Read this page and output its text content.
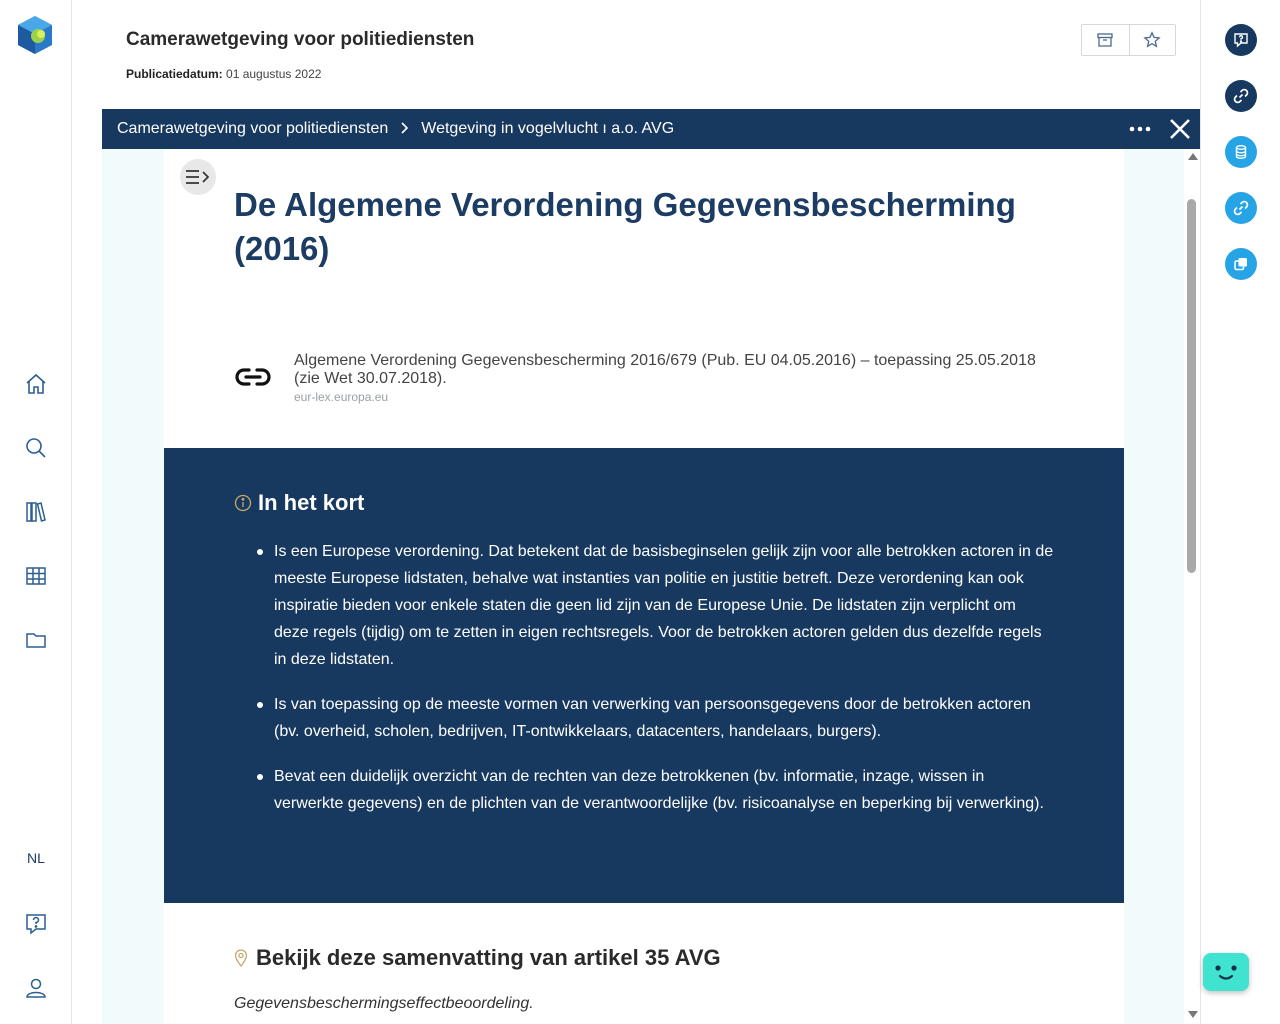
NL
Camerawetgeving voor politiediensten
Publicatiedatum: 01 augustus 2022
Camerawetgeving voor politiediensten Wetgeving in vogelvlucht ı a.o. AVG
De Algemene Verordening Gegevensbescherming (2016)
Algemene Verordening Gegevensbescherming 2016/679 (Pub. EU 04.05.2016) – toepassing 25.05.2018 (zie Wet 30.07.2018).
eur-lex.europa.eu
In het kort
Is een Europese verordening. Dat betekent dat de basisbeginselen gelijk zijn voor alle betrokken actoren in de meeste Europese lidstaten, behalve wat instanties van politie en justitie betreft. Deze verordening kan ook inspiratie bieden voor enkele staten die geen lid zijn van de Europese Unie. De lidstaten zijn verplicht om deze regels (tijdig) om te zetten in eigen rechtsregels. Voor de betrokken actoren gelden dus dezelfde regels in deze lidstaten.
Is van toepassing op de meeste vormen van verwerking van persoonsgegevens door de betrokken actoren (bv. overheid, scholen, bedrijven, IT-ontwikkelaars, datacenters, handelaars, burgers).
Bevat een duidelijk overzicht van de rechten van deze betrokkenen (bv. informatie, inzage, wissen in verwerkte gegevens) en de plichten van de verantwoordelijke (bv. risicoanalyse en beperking bij verwerking).
Bekijk deze samenvatting van artikel 35 AVG
Gegevensbeschermingseffectbeoordeling.
